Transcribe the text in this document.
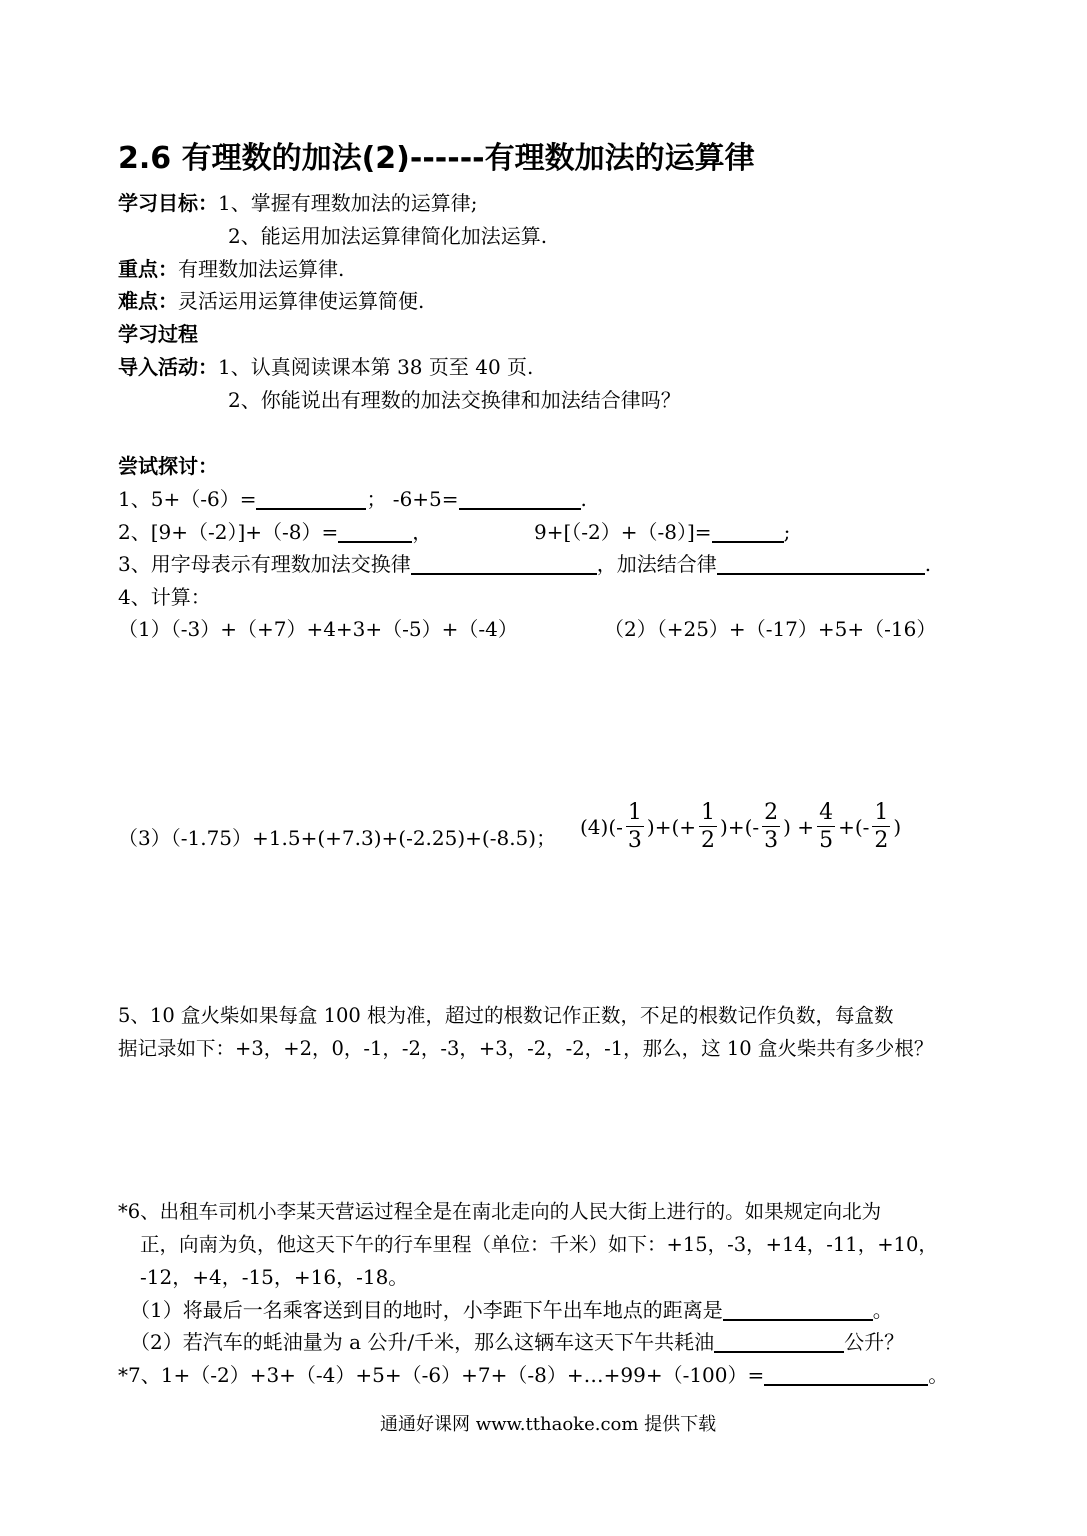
2.6 有理数的加法(2)------有理数加法的运算律
学习目标：1、掌握有理数加法的运算律;
2、能运用加法运算律简化加法运算.
重点：有理数加法运算律.
难点：灵活运用运算律使运算简便.
学习过程
导入活动：1、认真阅读课本第 38 页至 40 页.
2、你能说出有理数的加法交换律和加法结合律吗？
尝试探讨：
1、5+（-6）=	； -6+5=	.
2、[9+（-2）]+（-8）=	，	9+[（-2）+（-8）]=	;
3、用字母表示有理数加法交换律	，加法结合律	.
4、计算：
（1）（-3）+（+7）+4+3+（-5）+（-4）	（2）（+25）+（-17）+5+（-16）
（3）（-1.75）+1.5+(+7.3)+(-2.25)+(-8.5)； $(4)(- \frac{1}{3}$ )+(+ $\frac{1}{2}$ )+(- $\frac{2}{3}$ ) + $\frac{4}{5}$ +(- $\frac{1}{2}$ )
5、10 盒火柴如果每盒 100 根为准，超过的根数记作正数，不足的根数记作负数，每盒数
据记录如下：+3，+2，0，-1，-2，-3，+3，-2，-2，-1，那么，这 10 盒火柴共有多少根？
*6、出租车司机小李某天营运过程全是在南北走向的人民大街上进行的。如果规定向北为
正，向南为负，他这天下午的行车里程（单位：千米）如下：+15，-3，+14，-11，+10，
-12，+4，-15，+16，-18。
（1）将最后一名乘客送到目的地时，小李距下午出车地点的距离是	。
（2）若汽车的蚝油量为 a 公升/千米，那么这辆车这天下午共耗油	公升？
*7、1+（-2）+3+（-4）+5+（-6）+7+（-8）+…+99+（-100）=	。
通通好课网 www.tthaoke.com 提供下载
